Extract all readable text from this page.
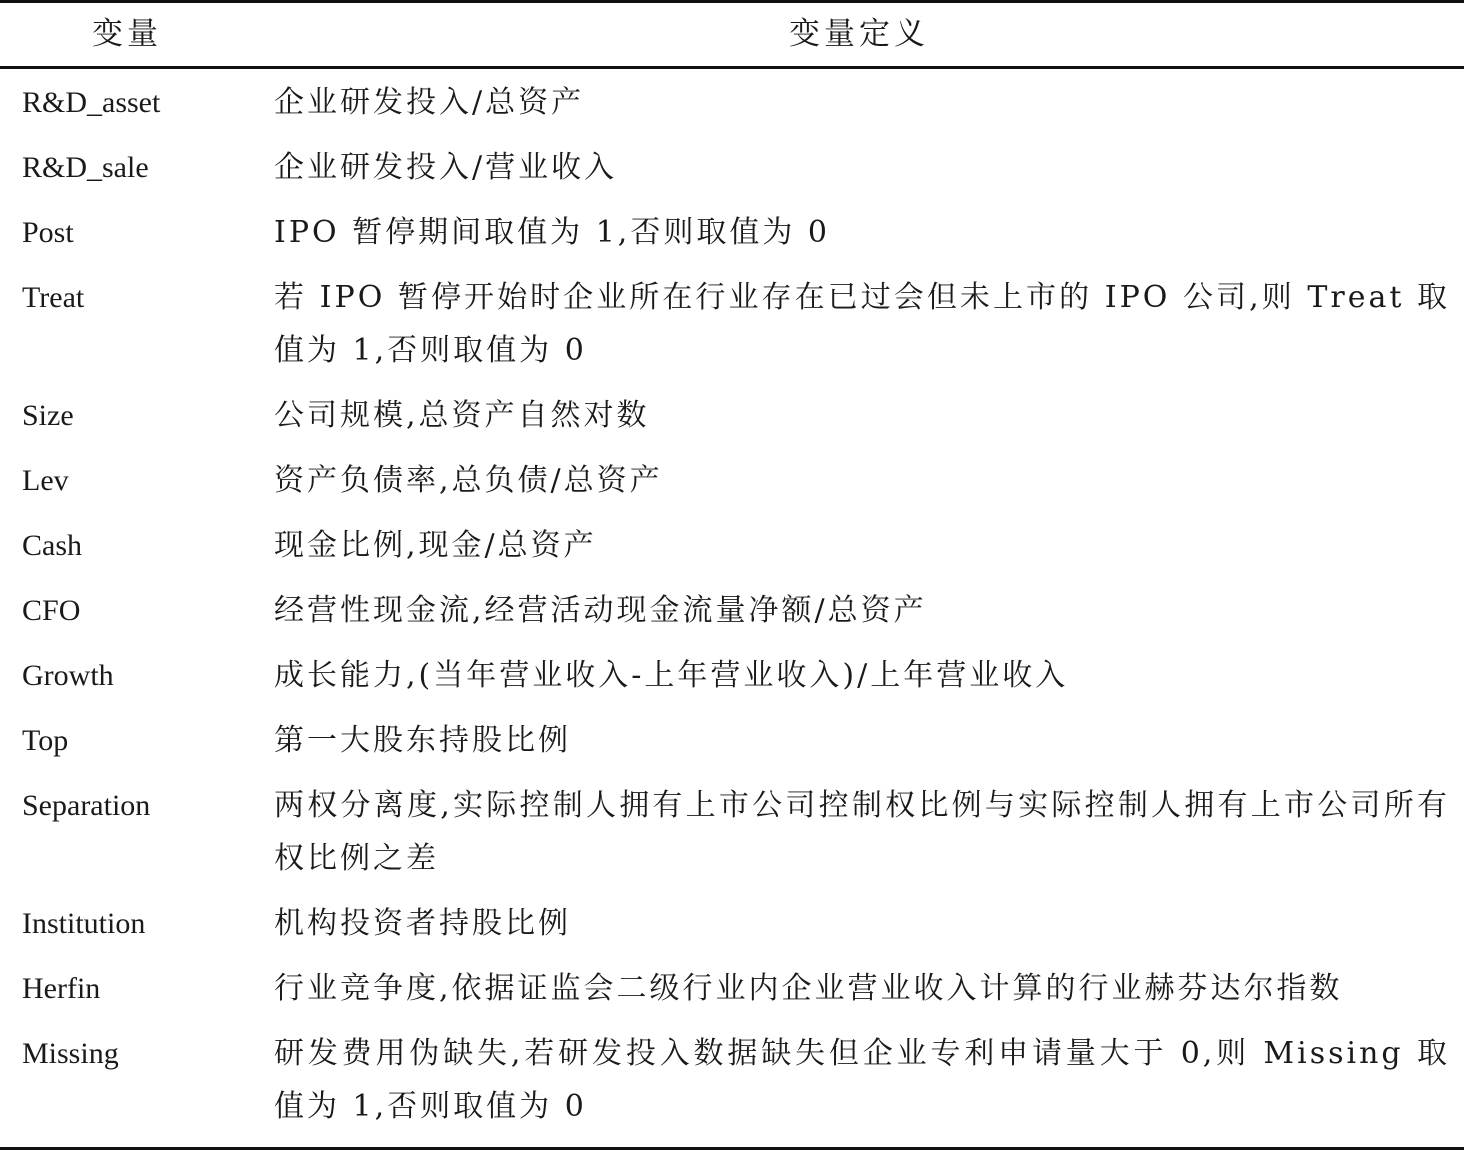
变量	变量定义
R&D_asset	企业研发投入/总资产
R&D_sale	企业研发投入/营业收入
Post	IPO 暂停期间取值为 1,否则取值为 0
Treat	若 IPO 暂停开始时企业所在行业存在已过会但未上市的 IPO 公司,则 Treat 取值为 1,否则取值为 0
Size	公司规模,总资产自然对数
Lev	资产负债率,总负债/总资产
Cash	现金比例,现金/总资产
CFO	经营性现金流,经营活动现金流量净额/总资产
Growth	成长能力,(当年营业收入-上年营业收入)/上年营业收入
Top	第一大股东持股比例
Separation	两权分离度,实际控制人拥有上市公司控制权比例与实际控制人拥有上市公司所有权比例之差
Institution	机构投资者持股比例
Herfin	行业竞争度,依据证监会二级行业内企业营业收入计算的行业赫芬达尔指数
Missing	研发费用伪缺失,若研发投入数据缺失但企业专利申请量大于 0,则 Missing 取值为 1,否则取值为 0
